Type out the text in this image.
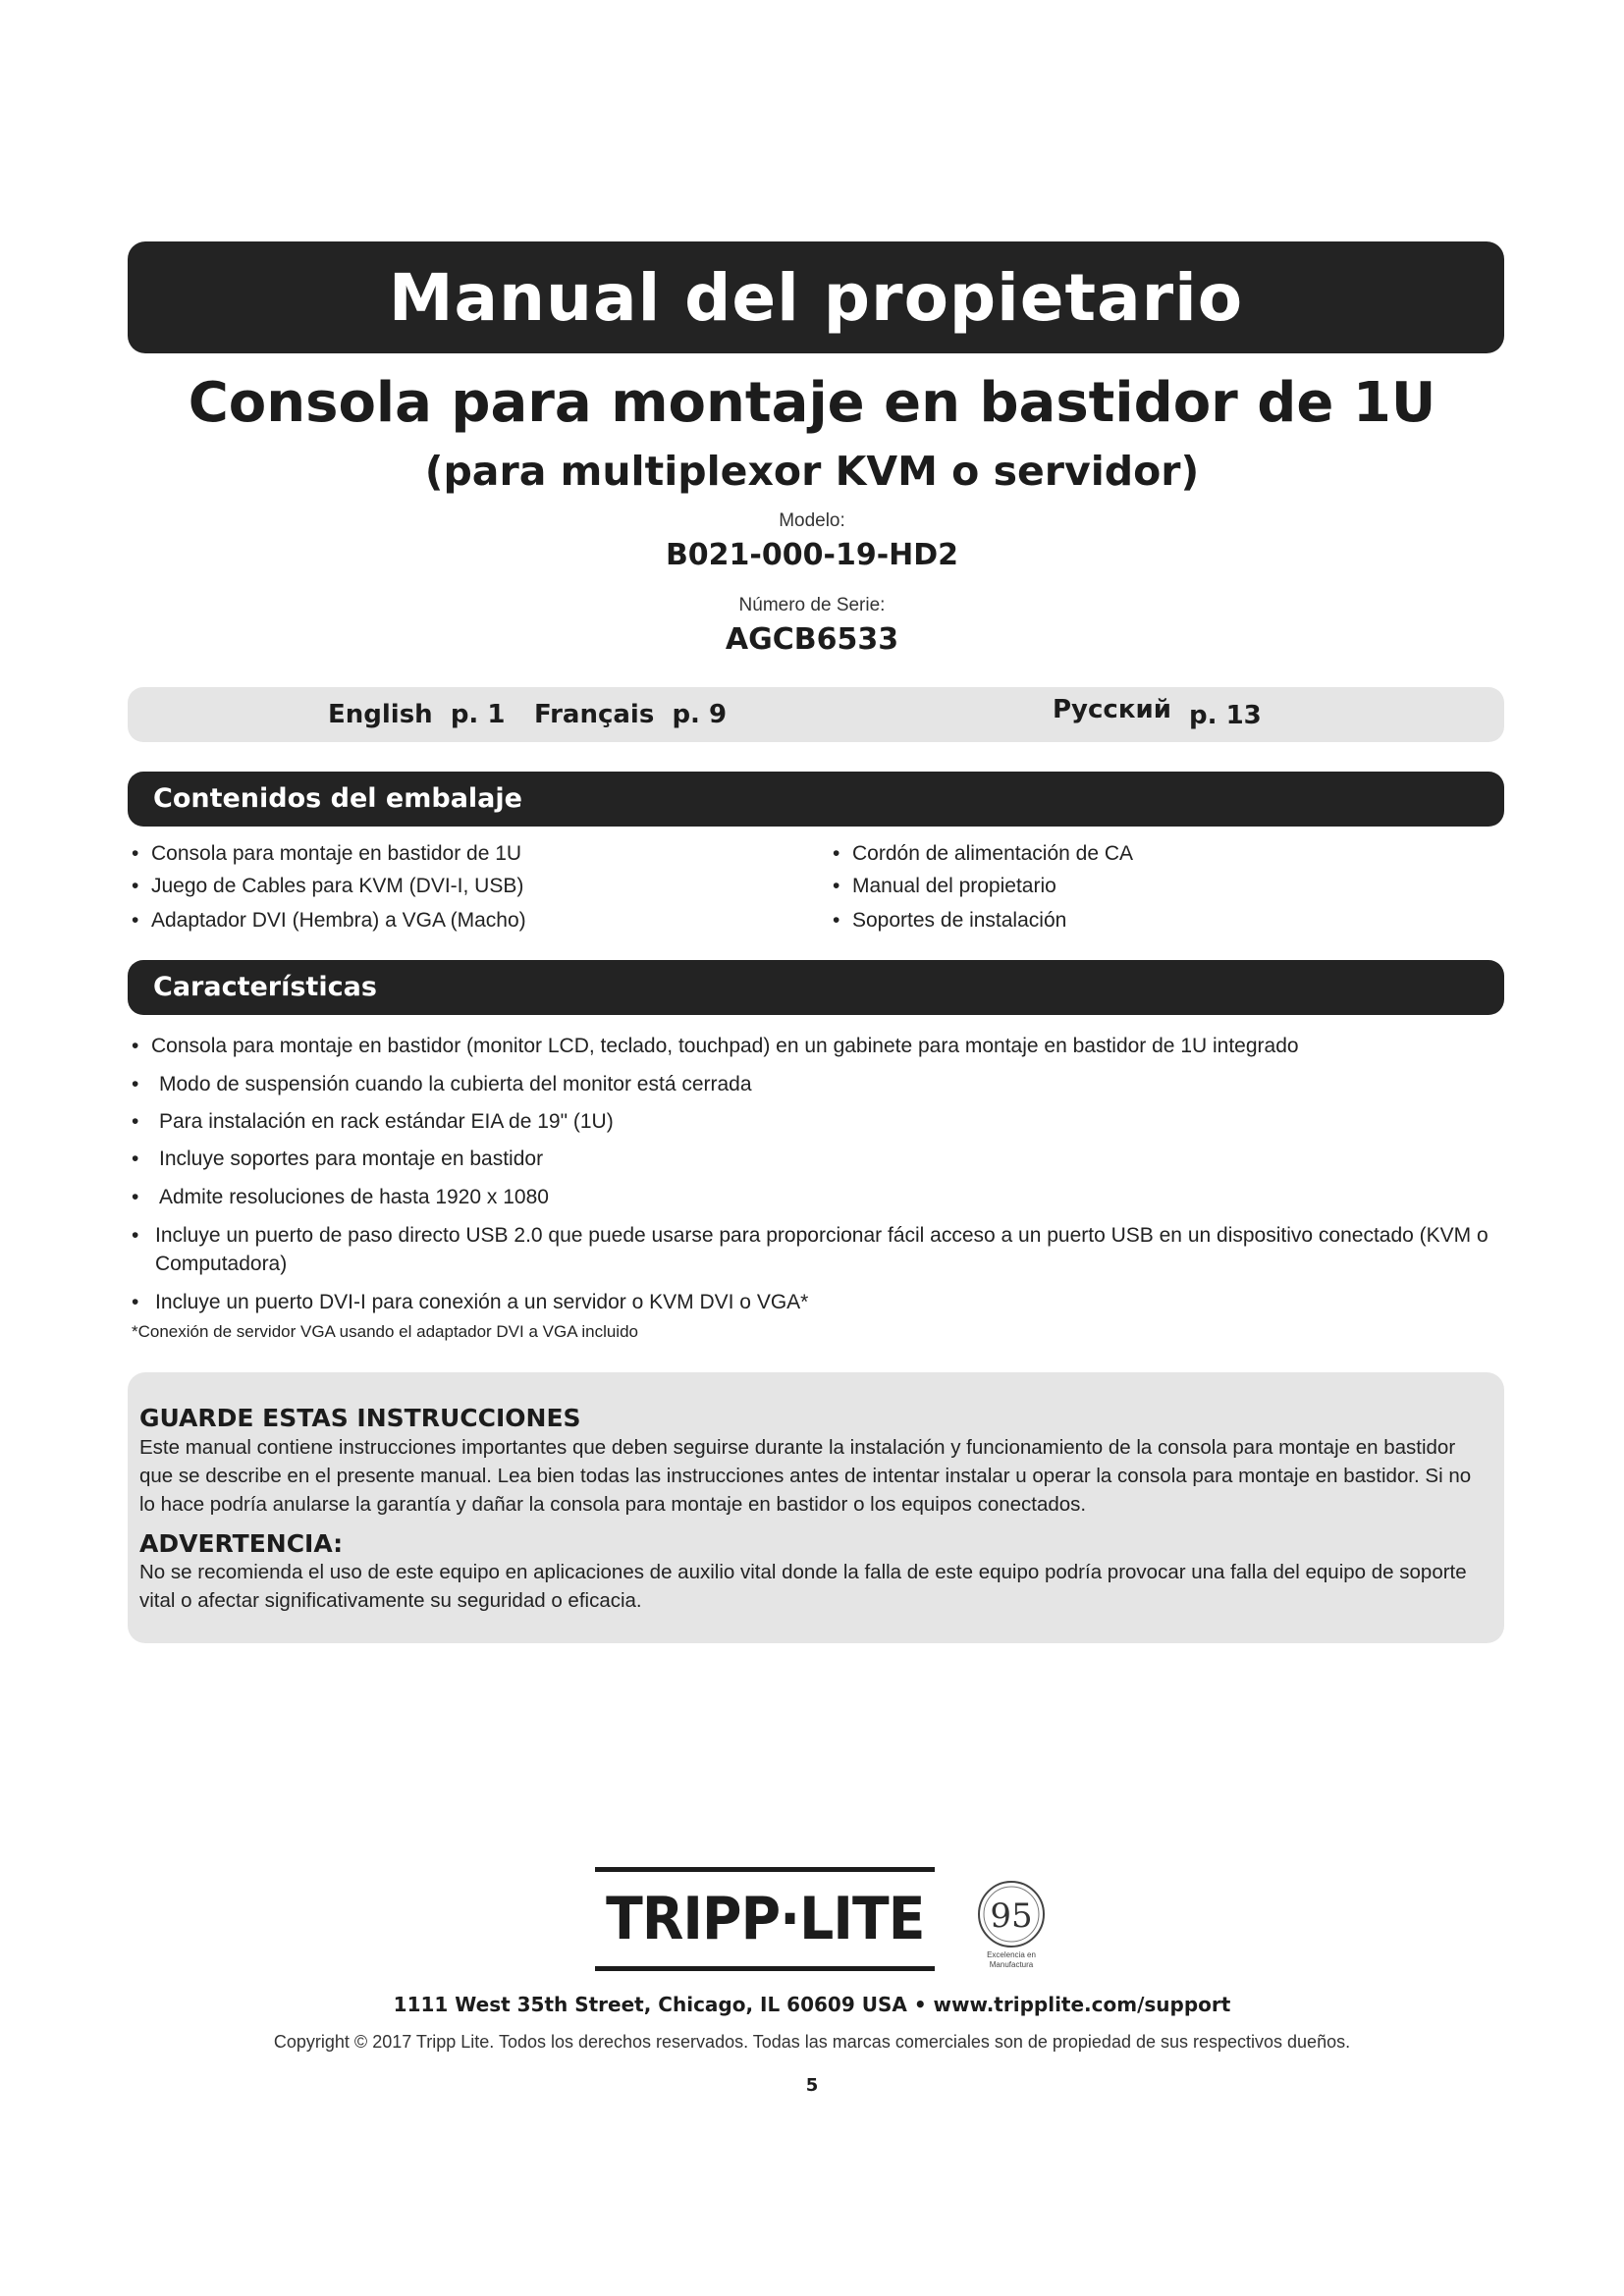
Manual del propietario
Consola para montaje en bastidor de 1U
(para multiplexor KVM o servidor)
Modelo:
B021-000-19-HD2
Número de Serie:
AGCB6533
English p. 1 Français p. 9	Русский p. 13
Contenidos del embalaje
• Consola para montaje en bastidor de 1U
• Juego de Cables para KVM (DVI-I, USB)
• Adaptador DVI (Hembra) a VGA (Macho)
• Cordón de alimentación de CA
• Manual del propietario
• Soportes de instalación
Características
• Consola para montaje en bastidor (monitor LCD, teclado, touchpad) en un gabinete para montaje en bastidor de 1U integrado
• Modo de suspensión cuando la cubierta del monitor está cerrada
• Para instalación en rack estándar EIA de 19" (1U)
• Incluye soportes para montaje en bastidor
• Admite resoluciones de hasta 1920 x 1080
• Incluye un puerto de paso directo USB 2.0 que puede usarse para proporcionar fácil acceso a un puerto USB en un dispositivo conectado (KVM o Computadora)
• Incluye un puerto DVI-I para conexión a un servidor o KVM DVI o VGA*
*Conexión de servidor VGA usando el adaptador DVI a VGA incluido
GUARDE ESTAS INSTRUCCIONES
Este manual contiene instrucciones importantes que deben seguirse durante la instalación y funcionamiento de la consola para montaje en bastidor que se describe en el presente manual. Lea bien todas las instrucciones antes de intentar instalar u operar la consola para montaje en bastidor. Si no lo hace podría anularse la garantía y dañar la consola para montaje en bastidor o los equipos conectados.
ADVERTENCIA:
No se recomienda el uso de este equipo en aplicaciones de auxilio vital donde la falla de este equipo podría provocar una falla del equipo de soporte vital o afectar significativamente su seguridad o eficacia.
TRIPP·LITE 95
Excelencia en
Manufactura
1111 West 35th Street, Chicago, IL 60609 USA • www.tripplite.com/support
Copyright © 2017 Tripp Lite. Todos los derechos reservados. Todas las marcas comerciales son de propiedad de sus respectivos dueños.
5
